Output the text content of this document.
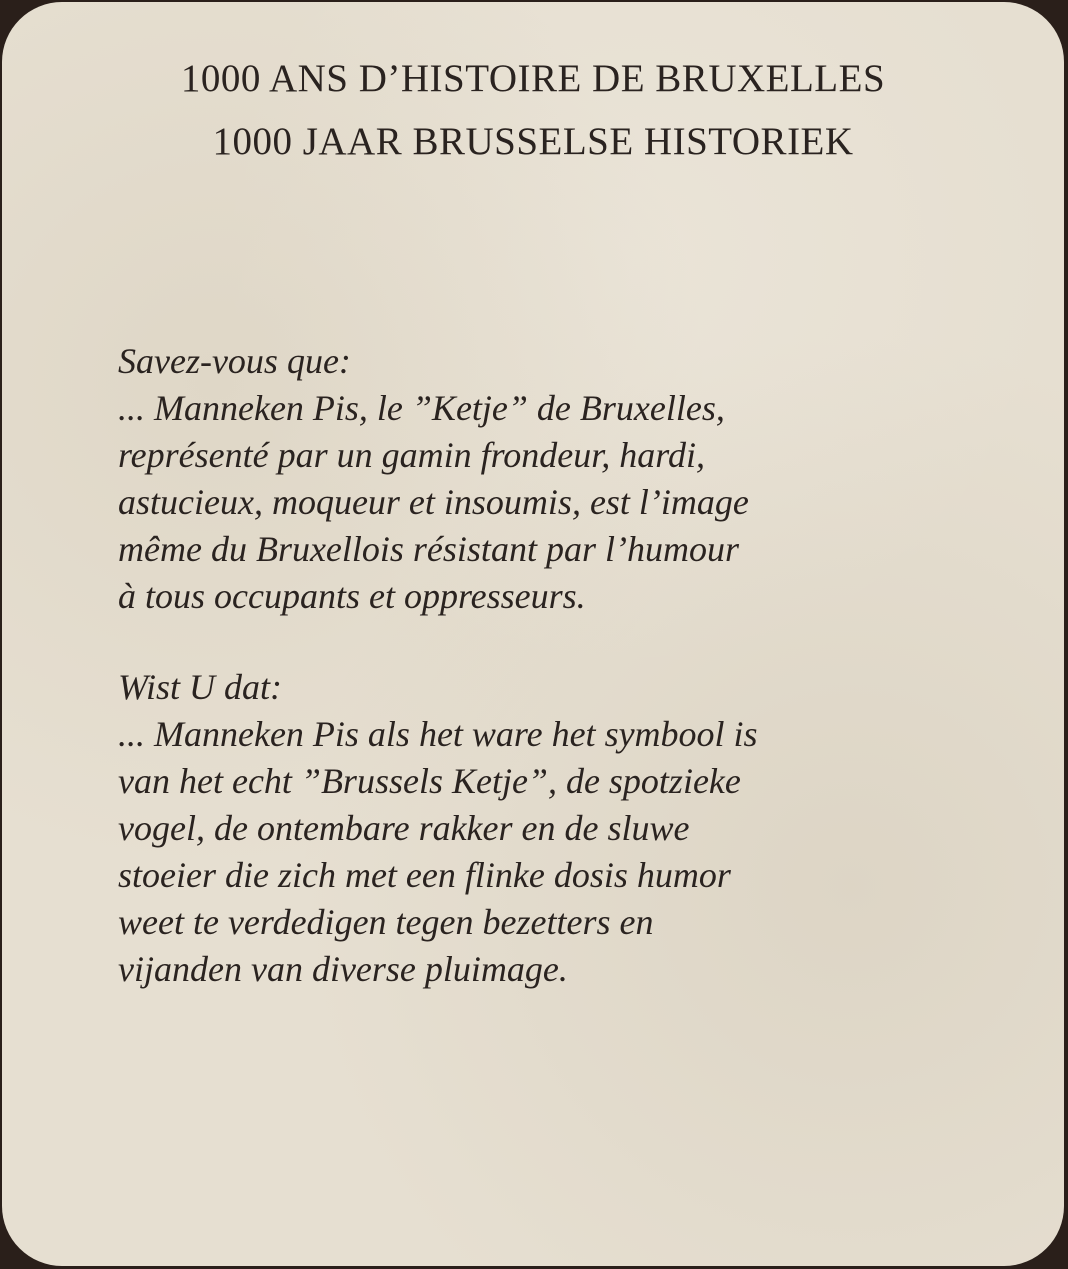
1000 ANS D’HISTOIRE DE BRUXELLES
1000 JAAR BRUSSELSE HISTORIEK
Savez-vous que:
... Manneken Pis, le ”Ketje” de Bruxelles,
représenté par un gamin frondeur, hardi,
astucieux, moqueur et insoumis, est l’image
même du Bruxellois résistant par l’humour
à tous occupants et oppresseurs.
Wist U dat:
... Manneken Pis als het ware het symbool is
van het echt ”Brussels Ketje”, de spotzieke
vogel, de ontembare rakker en de sluwe
stoeier die zich met een flinke dosis humor
weet te verdedigen tegen bezetters en
vijanden van diverse pluimage.
